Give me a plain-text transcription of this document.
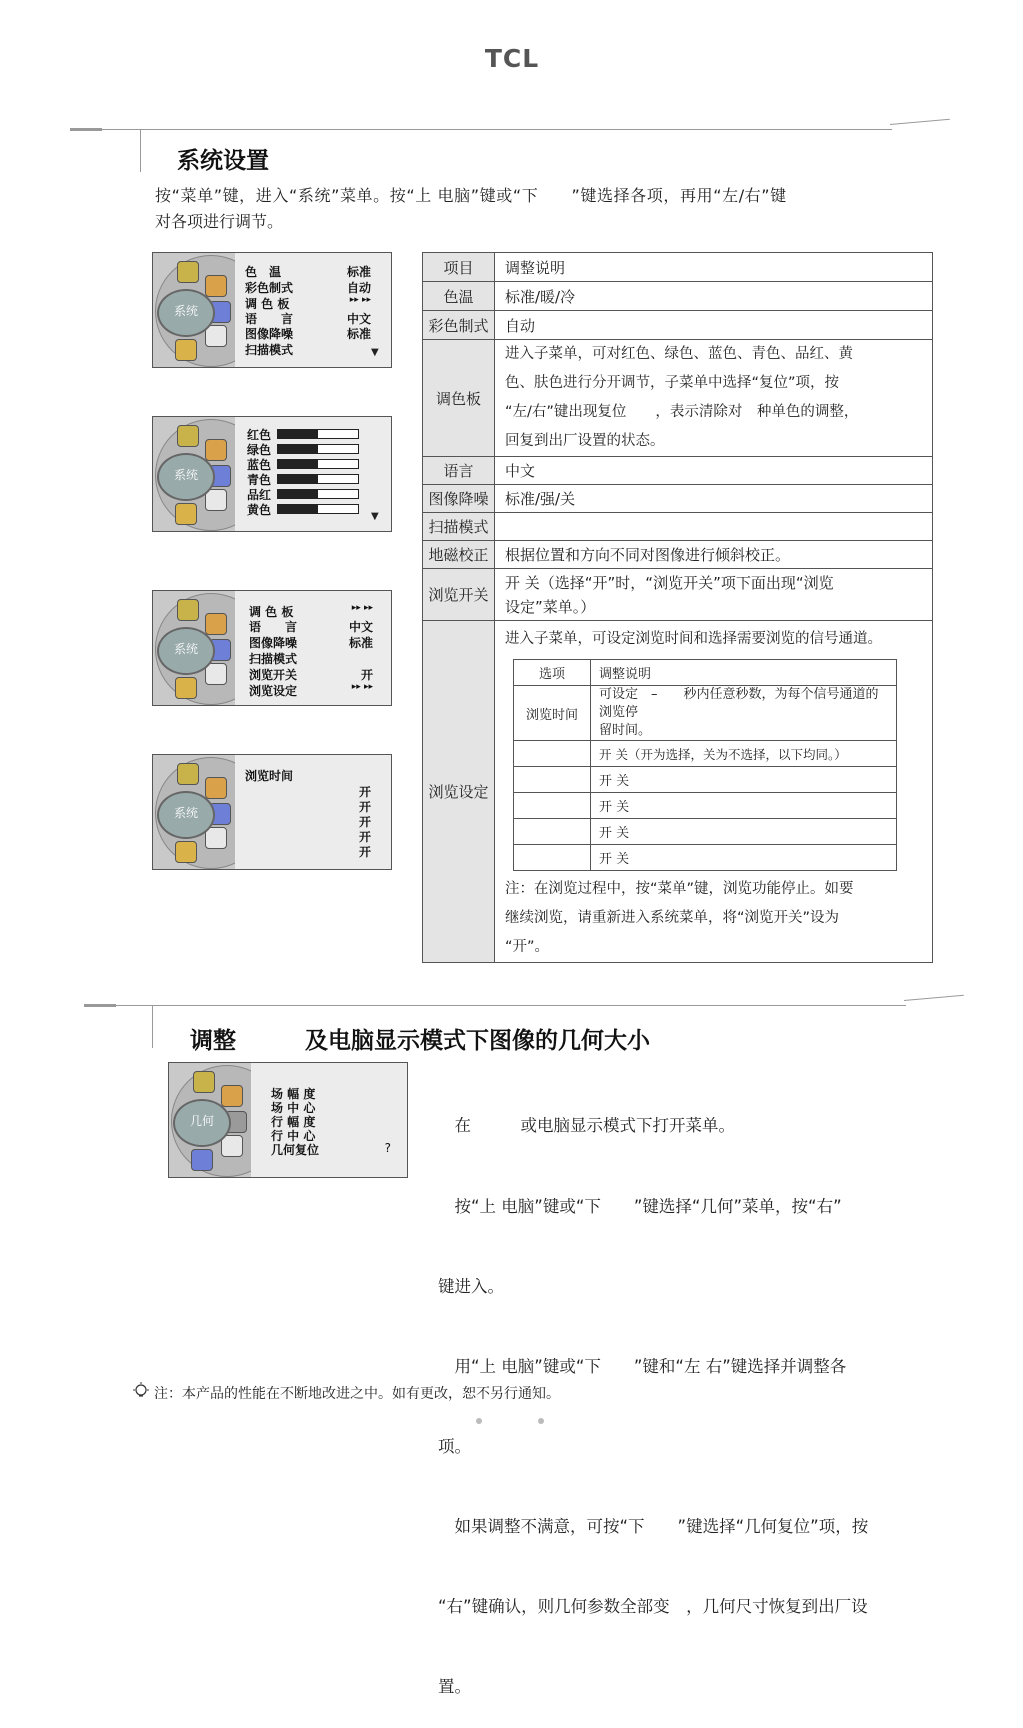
TCL
系统设置
按“菜单”键，进入“系统”菜单。按“上 电脑”键或“下　　”键选择各项，再用“左/右”键
对各项进行调节。
系统
色　温	标准
彩色制式	自动
调 色 板	▸▸ ▸▸
语　　言	中文
图像降噪	标准
扫描模式	▼
系统
红色
绿色
蓝色
青色
品红
黄色	▼
系统
调 色 板	▸▸ ▸▸
语　　言	中文
图像降噪	标准
扫描模式
浏览开关	开
浏览设定	▸▸ ▸▸
系统
浏览时间
开
开
开
开
开
项目	调整说明
色温	标准/暖/冷
彩色制式	自动
调色板	
进入子菜单，可对红色、绿色、蓝色、青色、品红、黄
色、肤色进行分开调节，子菜单中选择“复位”项，按
“左/右”键出现复位　　，表示清除对　种单色的调整，
回复到出厂设置的状态。

语言	中文
图像降噪	标准/强/关
扫描模式	
地磁校正	根据位置和方向不同对图像进行倾斜校正。
浏览开关	
开 关（选择“开”时，“浏览开关”项下面出现“浏览
设定”菜单。）

浏览设定	
进入子菜单，可设定浏览时间和选择需要浏览的信号通道。
选项	调整说明
浏览时间	
可设定　–　　秒内任意秒数，为每个信号通道的浏览停
留时间。

	开 关（开为选择，关为不选择，以下均同。）
	开 关
	开 关
	开 关
	开 关
注：在浏览过程中，按“菜单”键，浏览功能停止。如要
继续浏览，请重新进入系统菜单，将“浏览开关”设为
“开”。
调整　　　及电脑显示模式下图像的几何大小
几何
场 幅 度
场 中 心
行 幅 度
行 中 心
几何复位	?

　在　　　或电脑显示模式下打开菜单。

　按“上 电脑”键或“下　　”键选择“几何”菜单，按“右”

键进入。

　用“上 电脑”键或“下　　”键和“左 右”键选择并调整各

项。

　如果调整不满意，可按“下　　”键选择“几何复位”项，按

“右”键确认，则几何参数全部变　，几何尺寸恢复到出厂设

置。

注：本产品的性能在不断地改进之中。如有更改，恕不另行通知。
